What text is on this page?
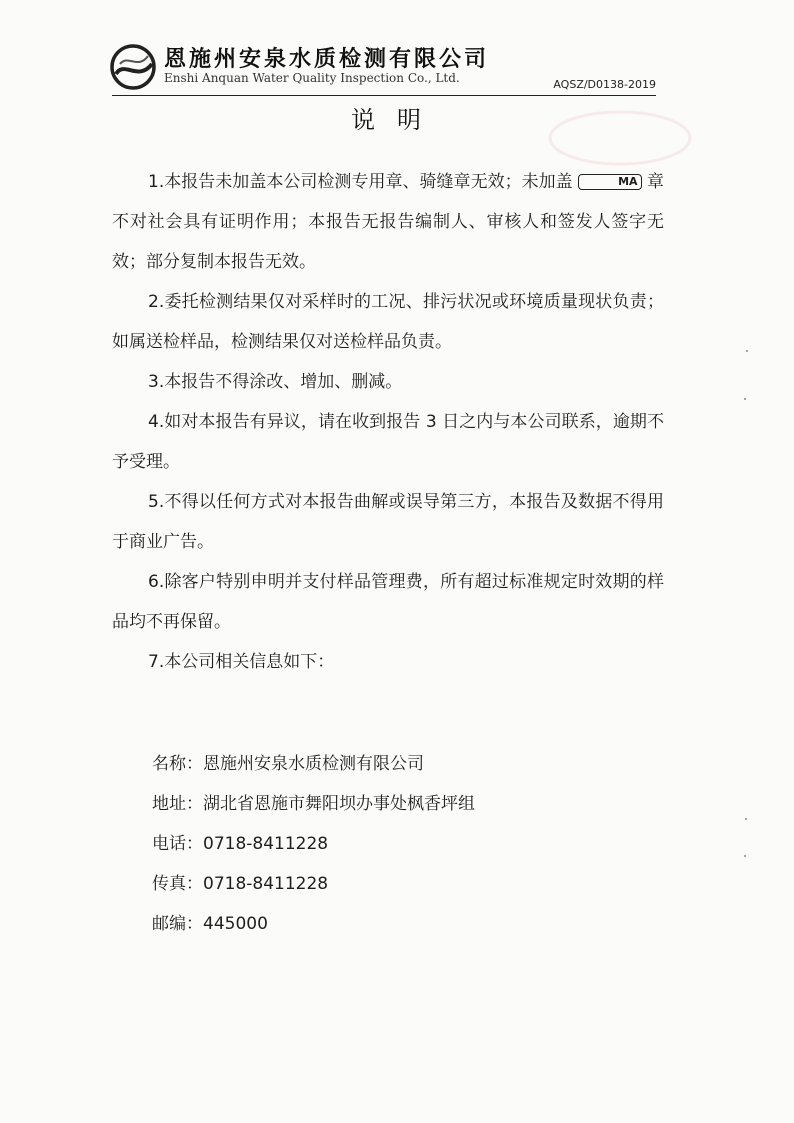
恩施州安泉水质检测有限公司
Enshi Anquan Water Quality Inspection Co., Ltd.	AQSZ/D0138-2019
说明

1.本报告未加盖本公司检测专用章、骑缝章无效；未加盖	MA 章不对社会具有证明作用；本报告无报告编制人、审核人和签发人签字无效；部分复制本报告无效。

2.委托检测结果仅对采样时的工况、排污状况或环境质量现状负责；如属送检样品，检测结果仅对送检样品负责。

3.本报告不得涂改、增加、删减。

4.如对本报告有异议，请在收到报告 3 日之内与本公司联系，逾期不予受理。

5.不得以任何方式对本报告曲解或误导第三方，本报告及数据不得用于商业广告。

6.除客户特别申明并支付样品管理费，所有超过标准规定时效期的样品均不再保留。

7.本公司相关信息如下：

名称：恩施州安泉水质检测有限公司
地址：湖北省恩施市舞阳坝办事处枫香坪组
电话：0718-8411228
传真：0718-8411228
邮编：445000
